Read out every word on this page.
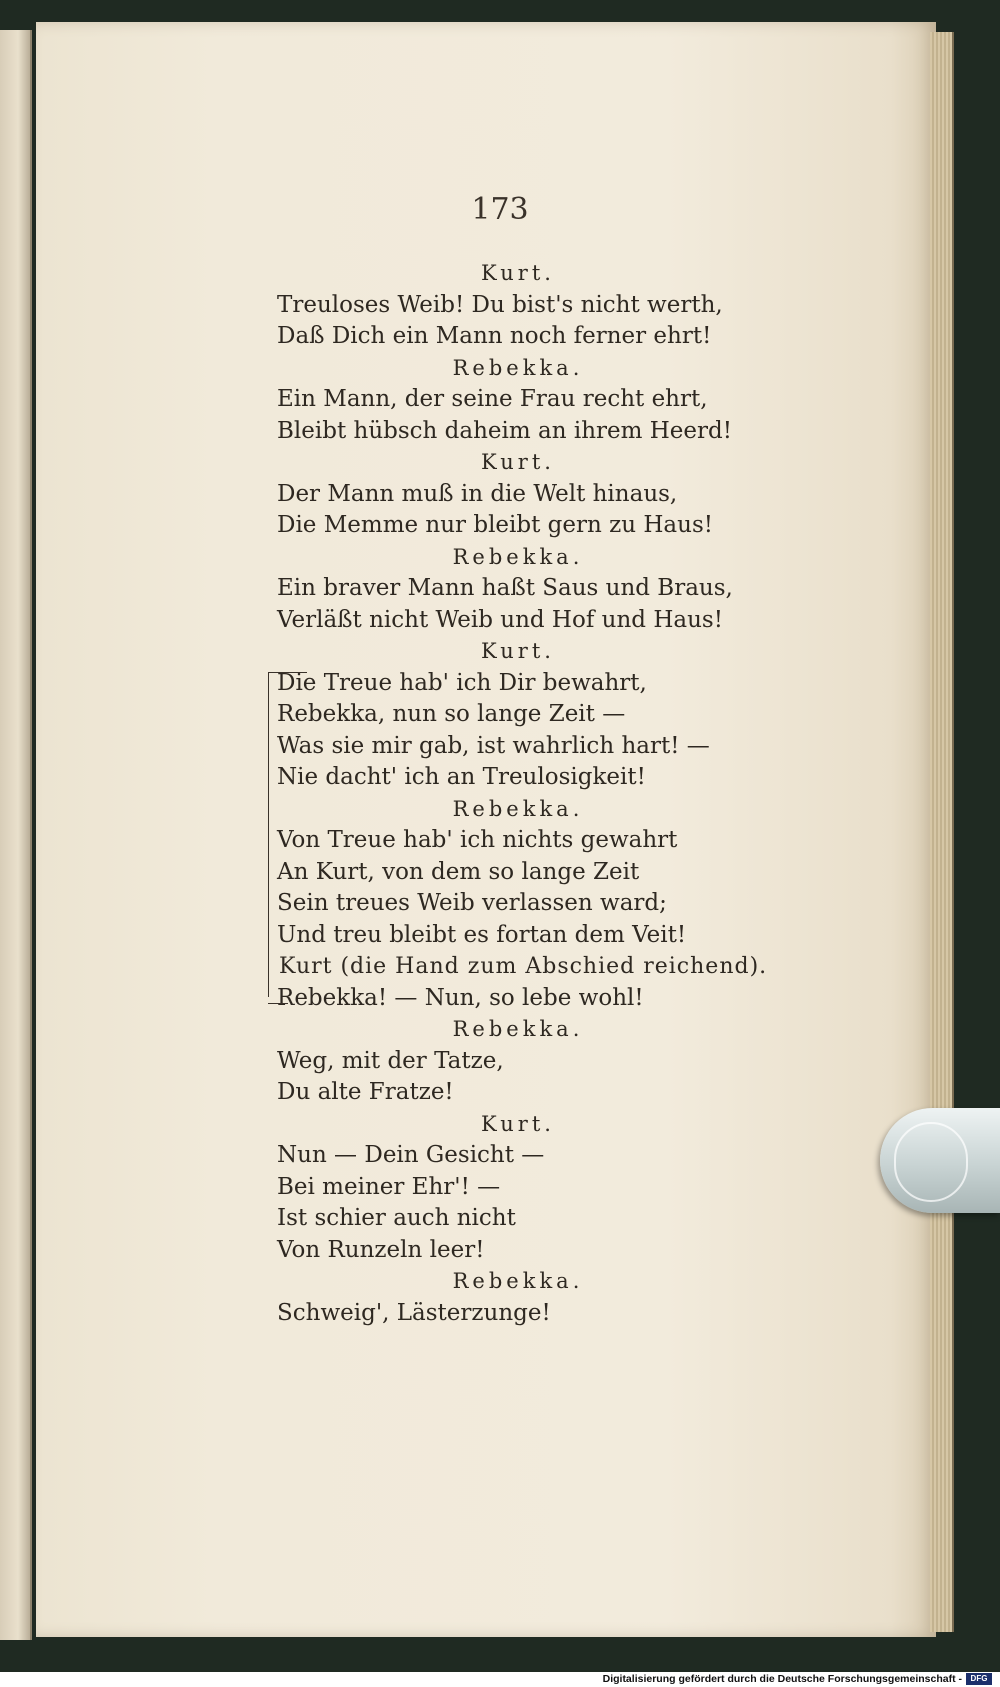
173
Kurt.
Treuloses Weib! Du bist's nicht werth,
Daß Dich ein Mann noch ferner ehrt!
Rebekka.
Ein Mann, der seine Frau recht ehrt,
Bleibt hübsch daheim an ihrem Heerd!
Kurt.
Der Mann muß in die Welt hinaus,
Die Memme nur bleibt gern zu Haus!
Rebekka.
Ein braver Mann haßt Saus und Braus,
Verläßt nicht Weib und Hof und Haus!
Kurt.
Die Treue hab' ich Dir bewahrt,
Rebekka, nun so lange Zeit —
Was sie mir gab, ist wahrlich hart! —
Nie dacht' ich an Treulosigkeit!
Rebekka.
Von Treue hab' ich nichts gewahrt
An Kurt, von dem so lange Zeit
Sein treues Weib verlassen ward;
Und treu bleibt es fortan dem Veit!
Kurt (die Hand zum Abschied reichend).
Rebekka! — Nun, so lebe wohl!
Rebekka.
Weg, mit der Tatze,
Du alte Fratze!
Kurt.
Nun — Dein Gesicht —
Bei meiner Ehr'! —
Ist schier auch nicht
Von Runzeln leer!
Rebekka.
Schweig', Lästerzunge!
Digitalisierung gefördert durch die Deutsche Forschungsgemeinschaft -	DFG
